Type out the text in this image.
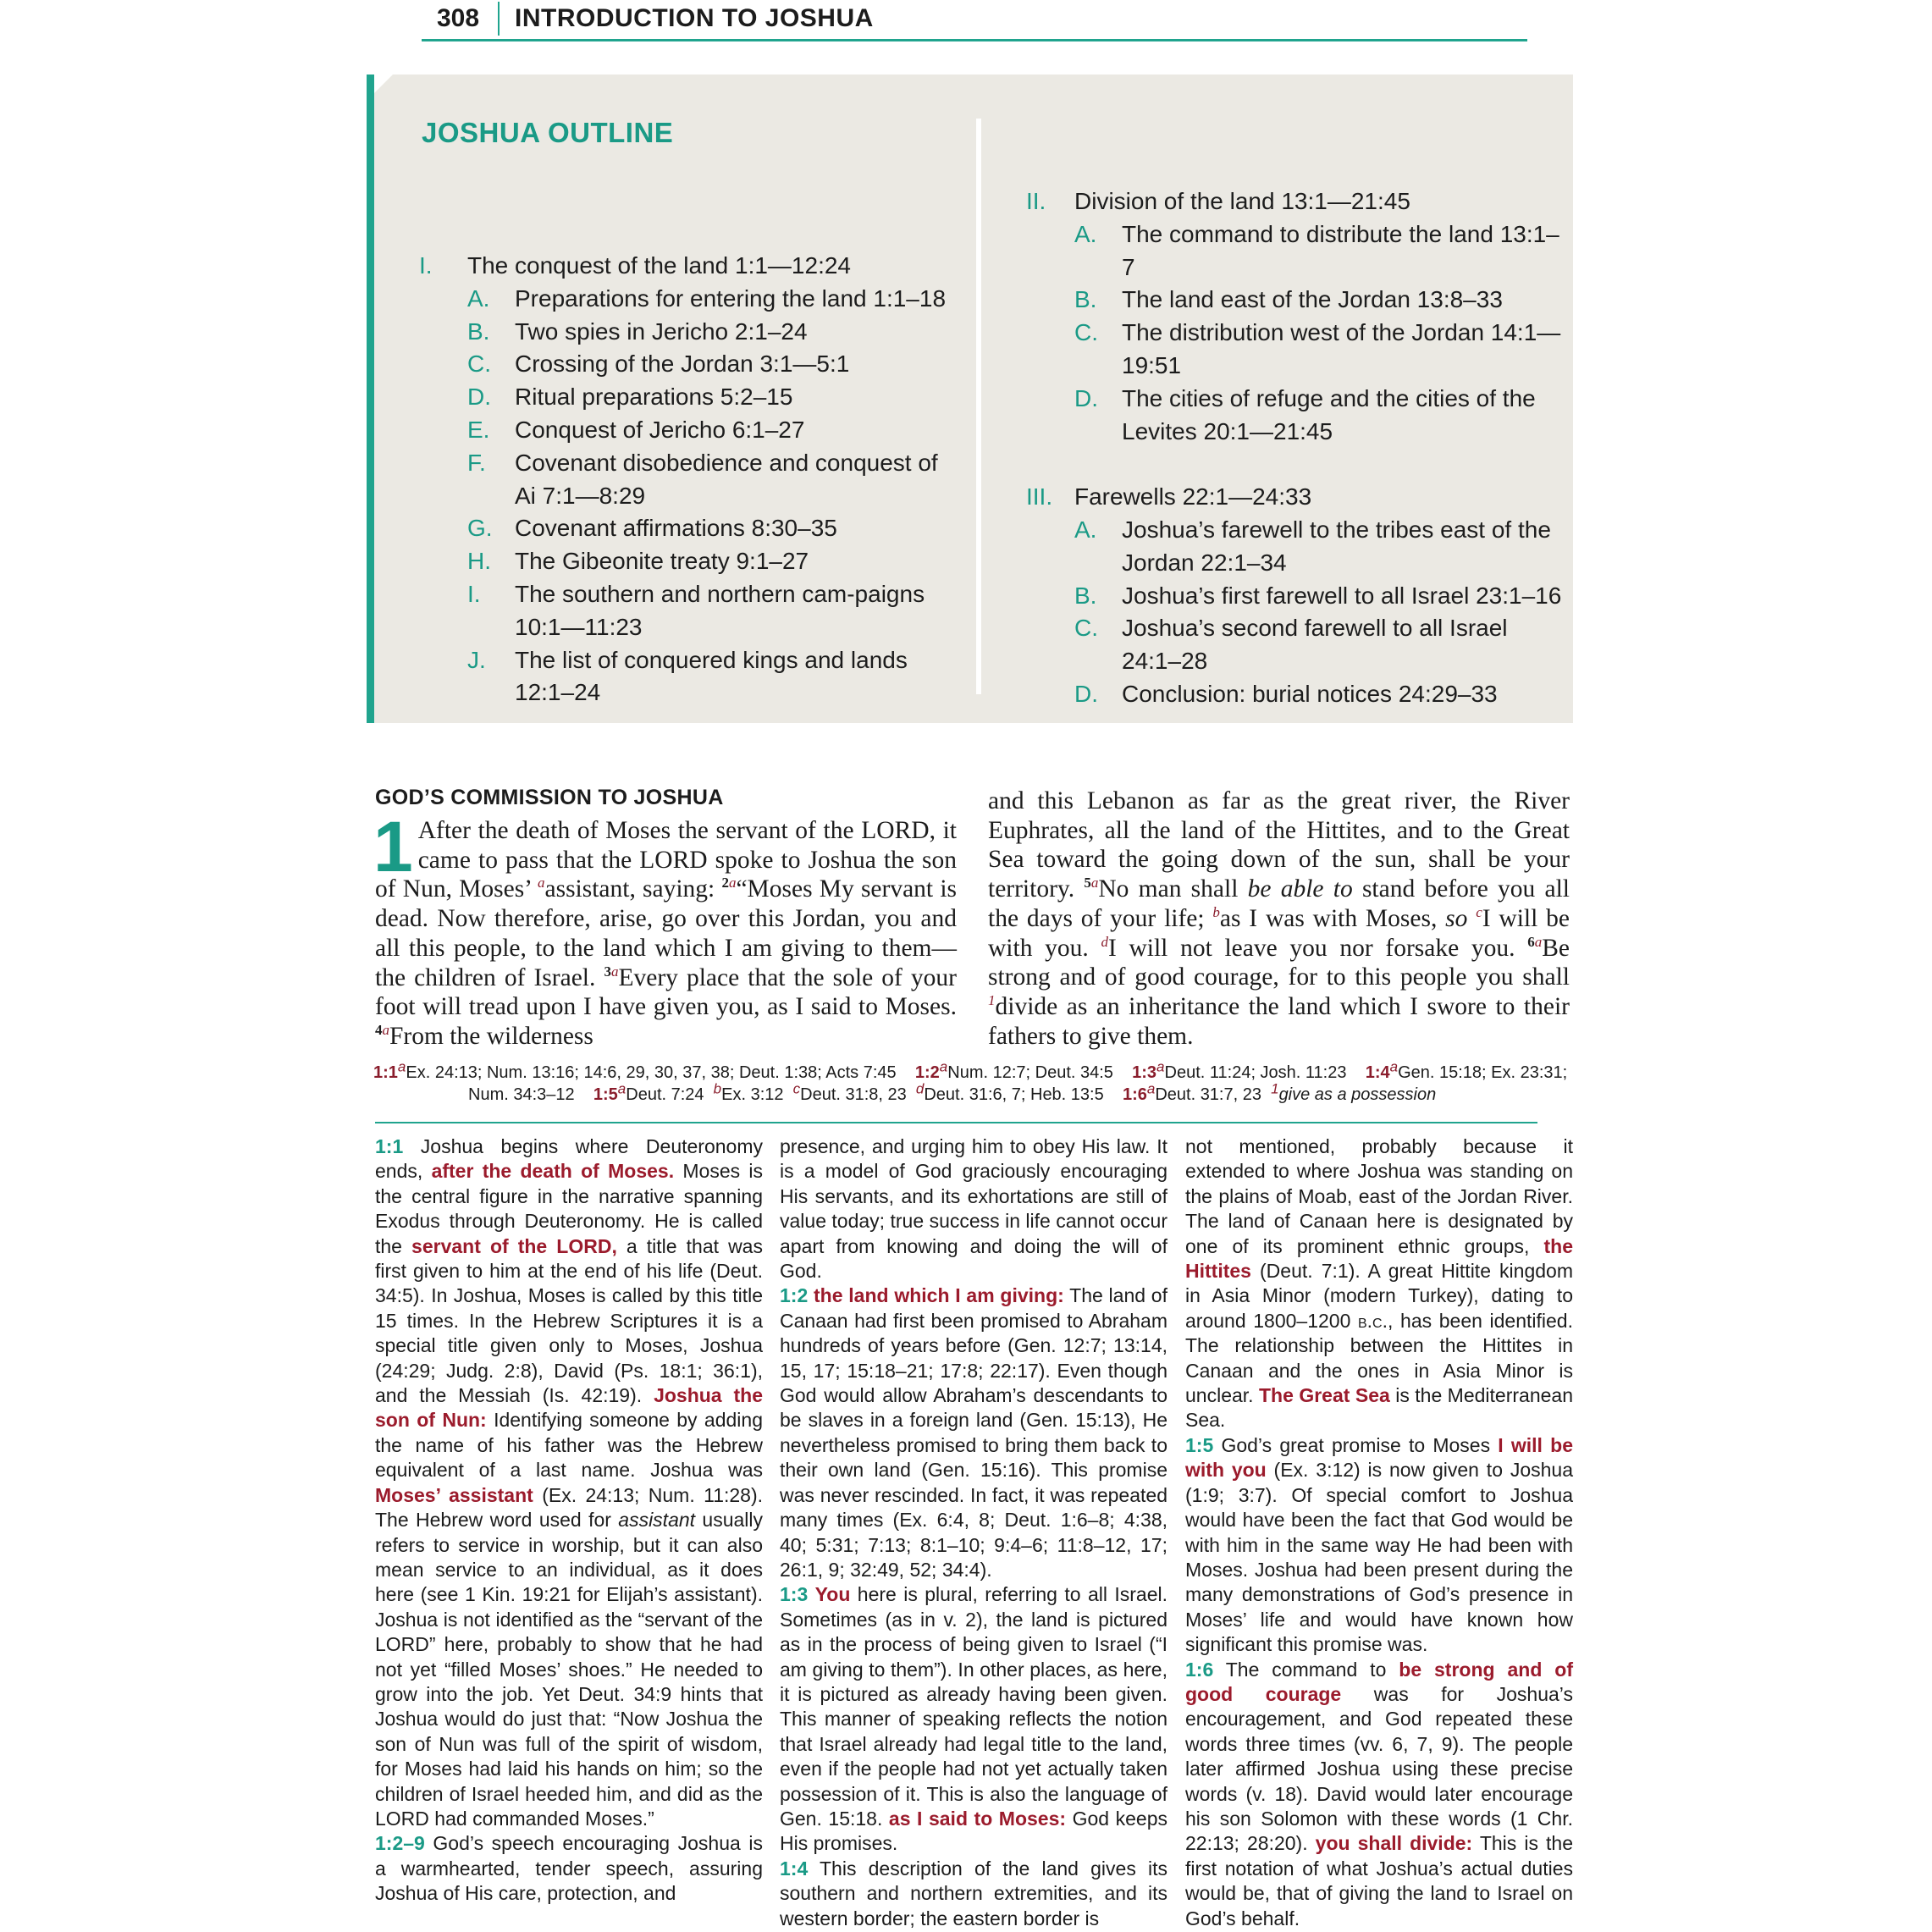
308 INTRODUCTION TO JOSHUA
JOSHUA OUTLINE
I. The conquest of the land 1:1—12:24
A. Preparations for entering the land 1:1–18
B. Two spies in Jericho 2:1–24
C. Crossing of the Jordan 3:1—5:1
D. Ritual preparations 5:2–15
E. Conquest of Jericho 6:1–27
F. Covenant disobedience and conquest of Ai 7:1—8:29
G. Covenant affirmations 8:30–35
H. The Gibeonite treaty 9:1–27
I. The southern and northern cam-paigns 10:1—11:23
J. The list of conquered kings and lands 12:1–24
II. Division of the land 13:1—21:45
A. The command to distribute the land 13:1–7
B. The land east of the Jordan 13:8–33
C. The distribution west of the Jordan 14:1—19:51
D. The cities of refuge and the cities of the Levites 20:1—21:45
III. Farewells 22:1—24:33
A. Joshua’s farewell to the tribes east of the Jordan 22:1–34
B. Joshua’s first farewell to all Israel 23:1–16
C. Joshua’s second farewell to all Israel 24:1–28
D. Conclusion: burial notices 24:29–33
GOD’S COMMISSION TO JOSHUA
1 After the death of Moses the servant of the LORD, it came to pass that the LORD spoke to Joshua the son of Nun, Moses’ $^a$assistant, saying: $^{2a}$“Moses My servant is dead. Now therefore, arise, go over this Jordan, you and all this people, to the land which I am giving to them—the children of Israel. $^{3a}$Every place that the sole of your foot will tread upon I have given you, as I said to Moses. $^{4a}$From the wilderness
and this Lebanon as far as the great river, the River Euphrates, all the land of the Hittites, and to the Great Sea toward the going down of the sun, shall be your territory. $^{5a}$No man shall be able to stand before you all the days of your life; $^b$as I was with Moses, so $^c$I will be with you. $^d$I will not leave you nor forsake you. $^{6a}$Be strong and of good courage, for to this people you shall $^1$divide as an inheritance the land which I swore to their fathers to give them.
1:1$^a$Ex. 24:13; Num. 13:16; 14:6, 29, 30, 37, 38; Deut. 1:38; Acts 7:45    1:2$^a$Num. 12:7; Deut. 34:5    1:3$^a$Deut. 11:24; Josh. 11:23    1:4$^a$Gen. 15:18; Ex. 23:31;
Num. 34:3–12    1:5$^a$Deut. 7:24  $^b$Ex. 3:12  $^c$Deut. 31:8, 23  $^d$Deut. 31:6, 7; Heb. 13:5    1:6$^a$Deut. 31:7, 23  $^1$give as a possession
1:1 Joshua begins where Deuteronomy ends, after the death of Moses. Moses is the central figure in the narrative spanning Exodus through Deuteronomy. He is called the servant of the LORD, a title that was first given to him at the end of his life (Deut. 34:5). In Joshua, Moses is called by this title 15 times. In the Hebrew Scriptures it is a special title given only to Moses, Joshua (24:29; Judg. 2:8), David (Ps. 18:1; 36:1), and the Messiah (Is. 42:19). Joshua the son of Nun: Identifying someone by adding the name of his father was the Hebrew equivalent of a last name. Joshua was Moses’ assistant (Ex. 24:13; Num. 11:28). The Hebrew word used for assistant usually refers to service in worship, but it can also mean service to an individual, as it does here (see 1 Kin. 19:21 for Elijah’s assistant). Joshua is not identified as the “servant of the LORD” here, probably to show that he had not yet “filled Moses’ shoes.” He needed to grow into the job. Yet Deut. 34:9 hints that Joshua would do just that: “Now Joshua the son of Nun was full of the spirit of wisdom, for Moses had laid his hands on him; so the children of Israel heeded him, and did as the LORD had commanded Moses.”
1:2–9 God’s speech encouraging Joshua is a warmhearted, tender speech, assuring Joshua of His care, protection, and
presence, and urging him to obey His law. It is a model of God graciously encouraging His servants, and its exhortations are still of value today; true success in life cannot occur apart from knowing and doing the will of God.
1:2 the land which I am giving: The land of Canaan had first been promised to Abraham hundreds of years before (Gen. 12:7; 13:14, 15, 17; 15:18–21; 17:8; 22:17). Even though God would allow Abraham’s descendants to be slaves in a foreign land (Gen. 15:13), He nevertheless promised to bring them back to their own land (Gen. 15:16). This promise was never rescinded. In fact, it was repeated many times (Ex. 6:4, 8; Deut. 1:6–8; 4:38, 40; 5:31; 7:13; 8:1–10; 9:4–6; 11:8–12, 17; 26:1, 9; 32:49, 52; 34:4).
1:3 You here is plural, referring to all Israel. Sometimes (as in v. 2), the land is pictured as in the process of being given to Israel (“I am giving to them”). In other places, as here, it is pictured as already having been given. This manner of speaking reflects the notion that Israel already had legal title to the land, even if the people had not yet actually taken possession of it. This is also the language of Gen. 15:18. as I said to Moses: God keeps His promises.
1:4 This description of the land gives its southern and northern extremities, and its western border; the eastern border is
not mentioned, probably because it extended to where Joshua was standing on the plains of Moab, east of the Jordan River. The land of Canaan here is designated by one of its prominent ethnic groups, the Hittites (Deut. 7:1). A great Hittite kingdom in Asia Minor (modern Turkey), dating to around 1800–1200 b.c., has been identified. The relationship between the Hittites in Canaan and the ones in Asia Minor is unclear. The Great Sea is the Mediterranean Sea.
1:5 God’s great promise to Moses I will be with you (Ex. 3:12) is now given to Joshua (1:9; 3:7). Of special comfort to Joshua would have been the fact that God would be with him in the same way He had been with Moses. Joshua had been present during the many demonstrations of God’s presence in Moses’ life and would have known how significant this promise was.
1:6 The command to be strong and of good courage was for Joshua’s encouragement, and God repeated these words three times (vv. 6, 7, 9). The people later affirmed Joshua using these precise words (v. 18). David would later encourage his son Solomon with these words (1 Chr. 22:13; 28:20). you shall divide: This is the first notation of what Joshua’s actual duties would be, that of giving the land to Israel on God’s behalf.
